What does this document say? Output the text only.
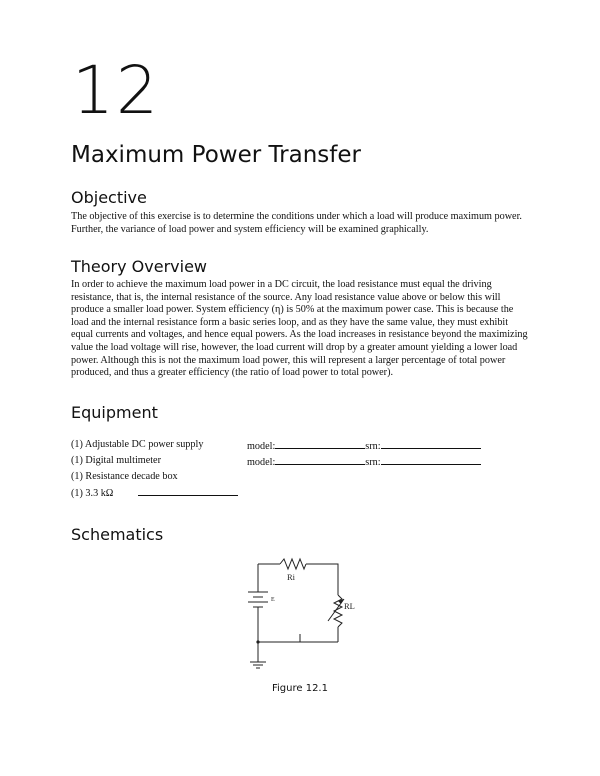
12
Maximum Power Transfer
Objective

The objective of this exercise is to determine the conditions under which a load will produce maximum power. Further, the variance of load power and system efficiency will be examined graphically.

Theory Overview

In order to achieve the maximum load power in a DC circuit, the load resistance must equal the driving resistance, that is, the internal resistance of the source. Any load resistance value above or below this will produce a smaller load power. System efficiency (η) is 50% at the maximum power case. This is because the load and the internal resistance form a basic series loop, and as they have the same value, they must exhibit equal currents and voltages, and hence equal powers. As the load increases in resistance beyond the maximizing value the load voltage will rise, however, the load current will drop by a greater amount yielding a lower load power. Although this is not the maximum load power, this will represent a larger percentage of total power produced, and thus a greater efficiency (the ratio of load power to total power).

Equipment
(1) Adjustable DC power supply	model:	srn:
(1) Digital multimeter	model:	srn:
(1) Resistance decade box
(1) 3.3 kΩ
Schematics
Ri
RL
E
Figure 12.1
